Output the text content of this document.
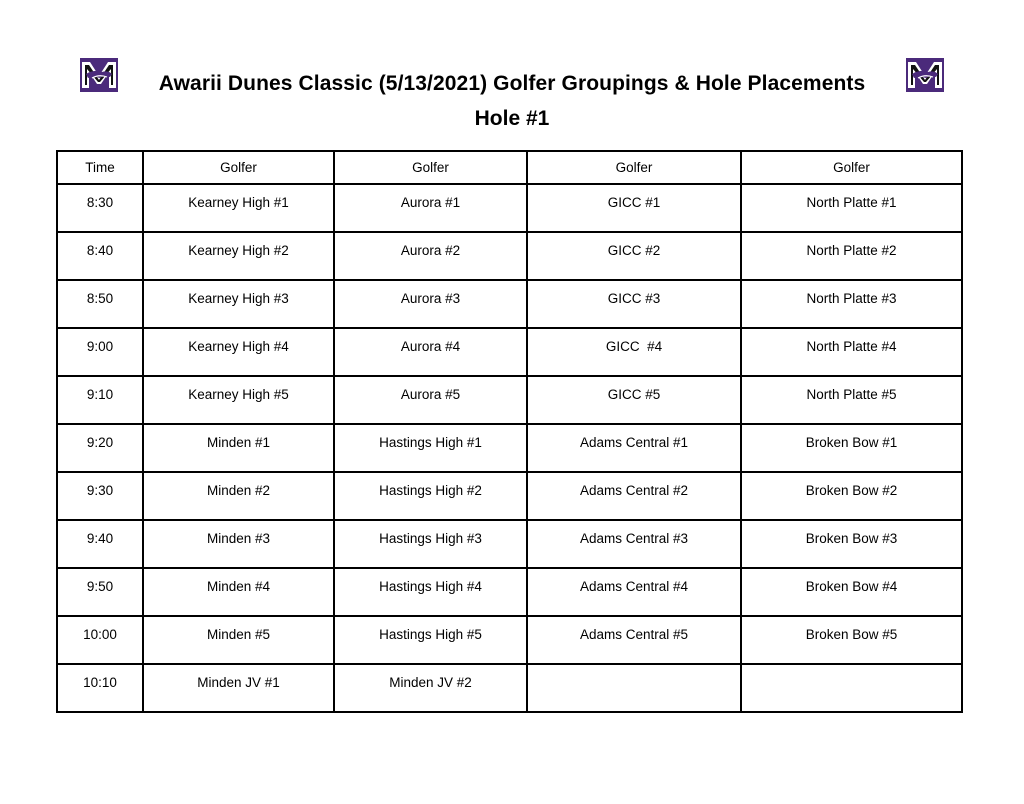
Awarii Dunes Classic (5/13/2021) Golfer Groupings & Hole Placements
Hole #1
Time	Golfer	Golfer	Golfer	Golfer
8:30	Kearney High #1	Aurora #1	GICC #1	North Platte #1
8:40	Kearney High #2	Aurora #2	GICC #2	North Platte #2
8:50	Kearney High #3	Aurora #3	GICC #3	North Platte #3
9:00	Kearney High #4	Aurora #4	GICC  #4	North Platte #4
9:10	Kearney High #5	Aurora #5	GICC #5	North Platte #5
9:20	Minden #1	Hastings High #1	Adams Central #1	Broken Bow #1
9:30	Minden #2	Hastings High #2	Adams Central #2	Broken Bow #2
9:40	Minden #3	Hastings High #3	Adams Central #3	Broken Bow #3
9:50	Minden #4	Hastings High #4	Adams Central #4	Broken Bow #4
10:00	Minden #5	Hastings High #5	Adams Central #5	Broken Bow #5
10:10	Minden JV #1	Minden JV #2		
